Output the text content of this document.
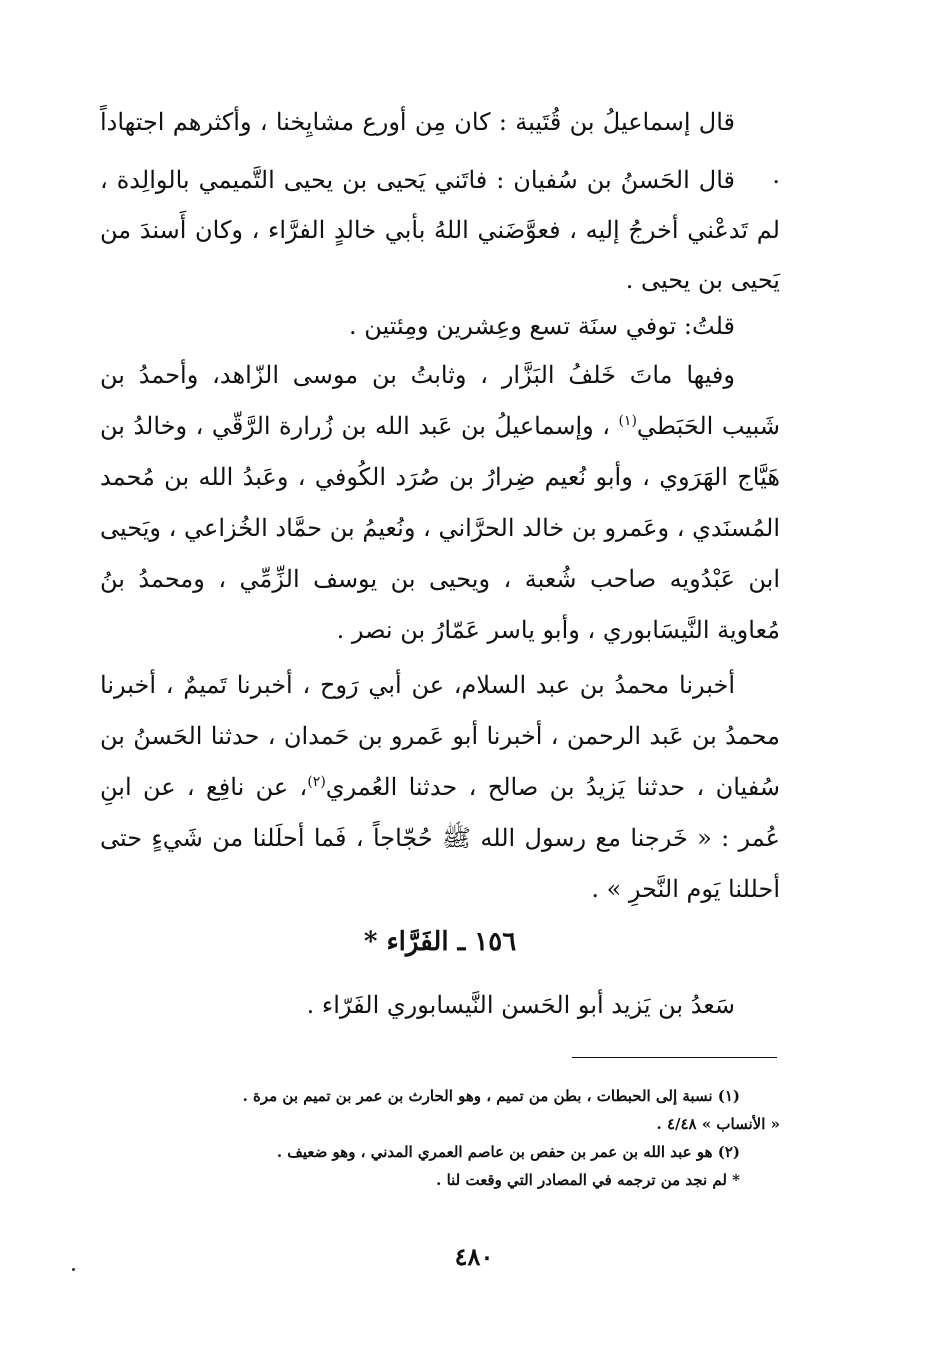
قال إسماعيلُ بن قُتَيبة : كان مِن أورع مشايِخنا ، وأكثرهم اجتهاداً .

قال الحَسنُ بن سُفيان : فاتَني يَحيى بن يحيى التَّميمي بالوالِدة ، لم تَدعْني أخرجُ إليه ، فعوَّضَني اللهُ بأبي خالدٍ الفرَّاء ، وكان أَسندَ من يَحيى بن يحيى .

قلتُ: توفي سنَة تسع وعِشرين ومِئتين .

وفيها ماتَ خَلفُ البَزَّار ، وثابتُ بن موسى الزّاهد، وأحمدُ بن شَبيب الحَبَطي$^{(١)}$ ، وإسماعيلُ بن عَبد الله بن زُرارة الرَّقّي ، وخالدُ بن هَيَّاج الهَرَوي ، وأبو نُعيم ضِرارُ بن صُرَد الكُوفي ، وعَبدُ الله بن مُحمد المُسنَدي ، وعَمرو بن خالد الحرَّاني ، ونُعيمُ بن حمَّاد الخُزاعي ، ويَحيى ابن عَبْدُويه صاحب شُعبة ، ويحيى بن يوسف الزِّمِّي ، ومحمدُ بنُ مُعاوية النَّيسَابوري ، وأبو ياسر عَمّارُ بن نصر .

أخبرنا محمدُ بن عبد السلام، عن أبي رَوح ، أخبرنا تَميمٌ ، أخبرنا محمدُ بن عَبد الرحمن ، أخبرنا أبو عَمرو بن حَمدان ، حدثنا الحَسنُ بن سُفيان ، حدثنا يَزيدُ بن صالح ، حدثنا العُمري$^{(٢)}$، عن نافِع ، عن ابنِ عُمر : « خَرجنا مع رسول الله ﷺ حُجّاجاً ، فَما أحلَلنا من شَيءٍ حتى أحللنا يَوم النَّحرِ » .

١٥٦ ـ الفَرَّاء *

سَعدُ بن يَزيد أبو الحَسن النَّيسابوري الفَرّاء .

(١) نسبة إلى الحبطات ، بطن من تميم ، وهو الحارث بن عمر بن تميم بن مرة .

« الأنساب » ٤/٤٨ .

(٢) هو عبد الله بن عمر بن حفص بن عاصم العمري المدني ، وهو ضعيف .

* لم نجد من ترجمه في المصادر التي وقعت لنا .

٤٨٠
